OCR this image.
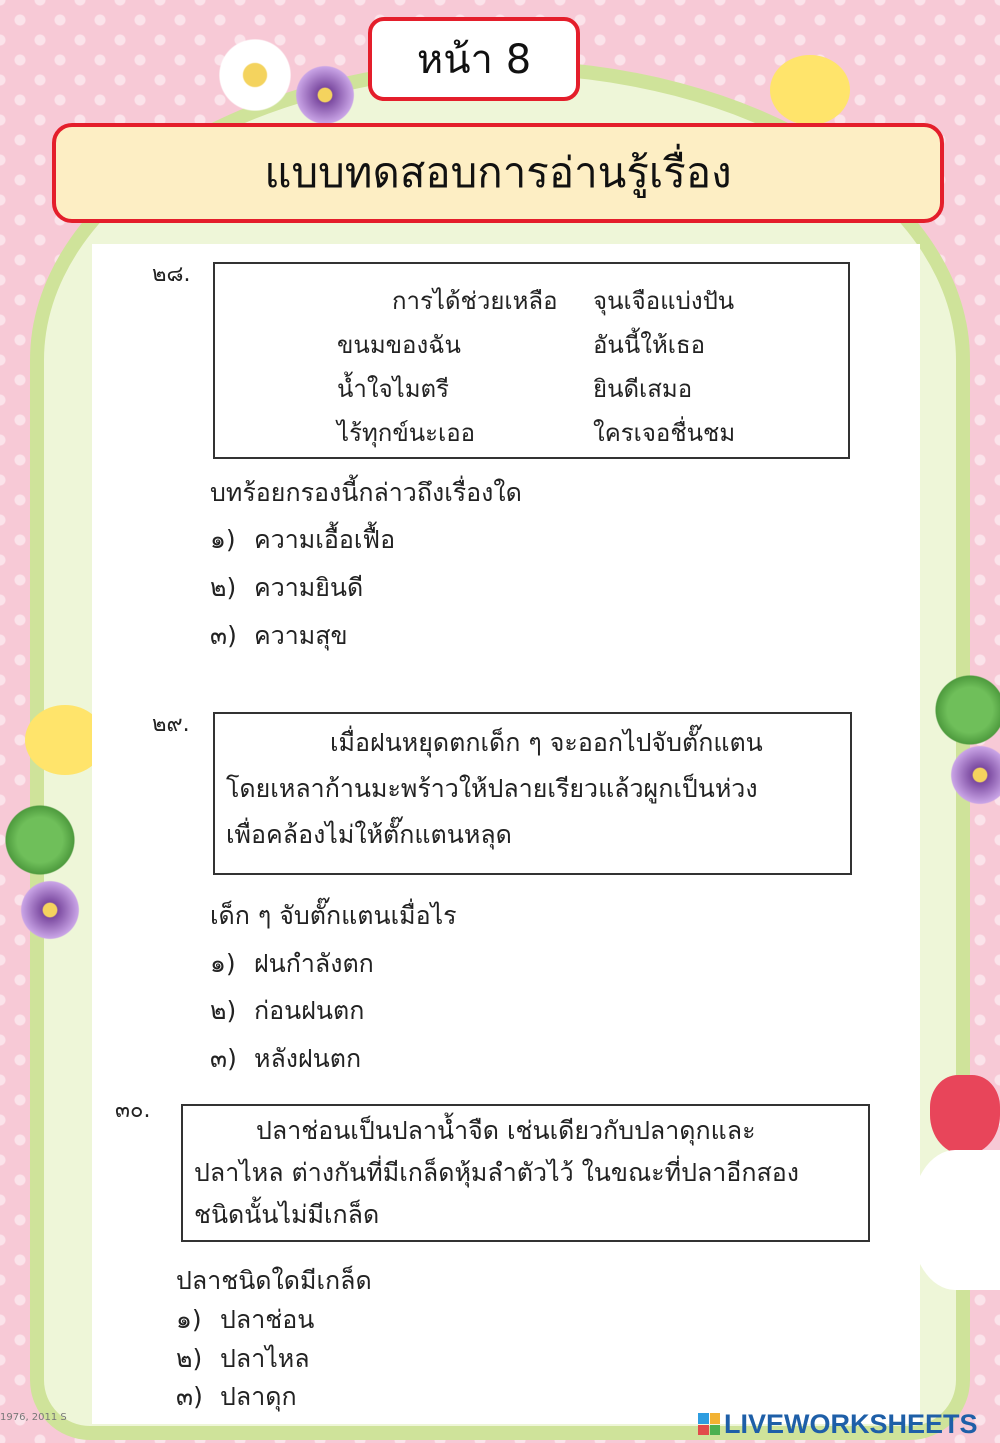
หน้า 8
แบบทดสอบการอ่านรู้เรื่อง
๒๘.
การได้ช่วยเหลือ จุนเจือแบ่งปัน
ขนมของฉัน	อันนี้ให้เธอ
น้ำใจไมตรี	ยินดีเสมอ
ไร้ทุกข์นะเออ	ใครเจอชื่นชม
บทร้อยกรองนี้กล่าวถึงเรื่องใด
๑) ความเอื้อเฟื้อ
๒) ความยินดี
๓) ความสุข
๒๙.

เมื่อฝนหยุดตกเด็ก ๆ จะออกไปจับตั๊กแตน

โดยเหลาก้านมะพร้าวให้ปลายเรียวแล้วผูกเป็นห่วง

เพื่อคล้องไม่ให้ตั๊กแตนหลุด

เด็ก ๆ จับตั๊กแตนเมื่อไร
๑) ฝนกำลังตก
๒) ก่อนฝนตก
๓) หลังฝนตก
๓๐.

ปลาช่อนเป็นปลาน้ำจืด เช่นเดียวกับปลาดุกและ

ปลาไหล ต่างกันที่มีเกล็ดหุ้มลำตัวไว้ ในขณะที่ปลาอีกสอง

ชนิดนั้นไม่มีเกล็ด

ปลาชนิดใดมีเกล็ด
๑) ปลาช่อน
๒) ปลาไหล
๓) ปลาดุก
1976, 2011 S	LIVEWORKSHEETS
